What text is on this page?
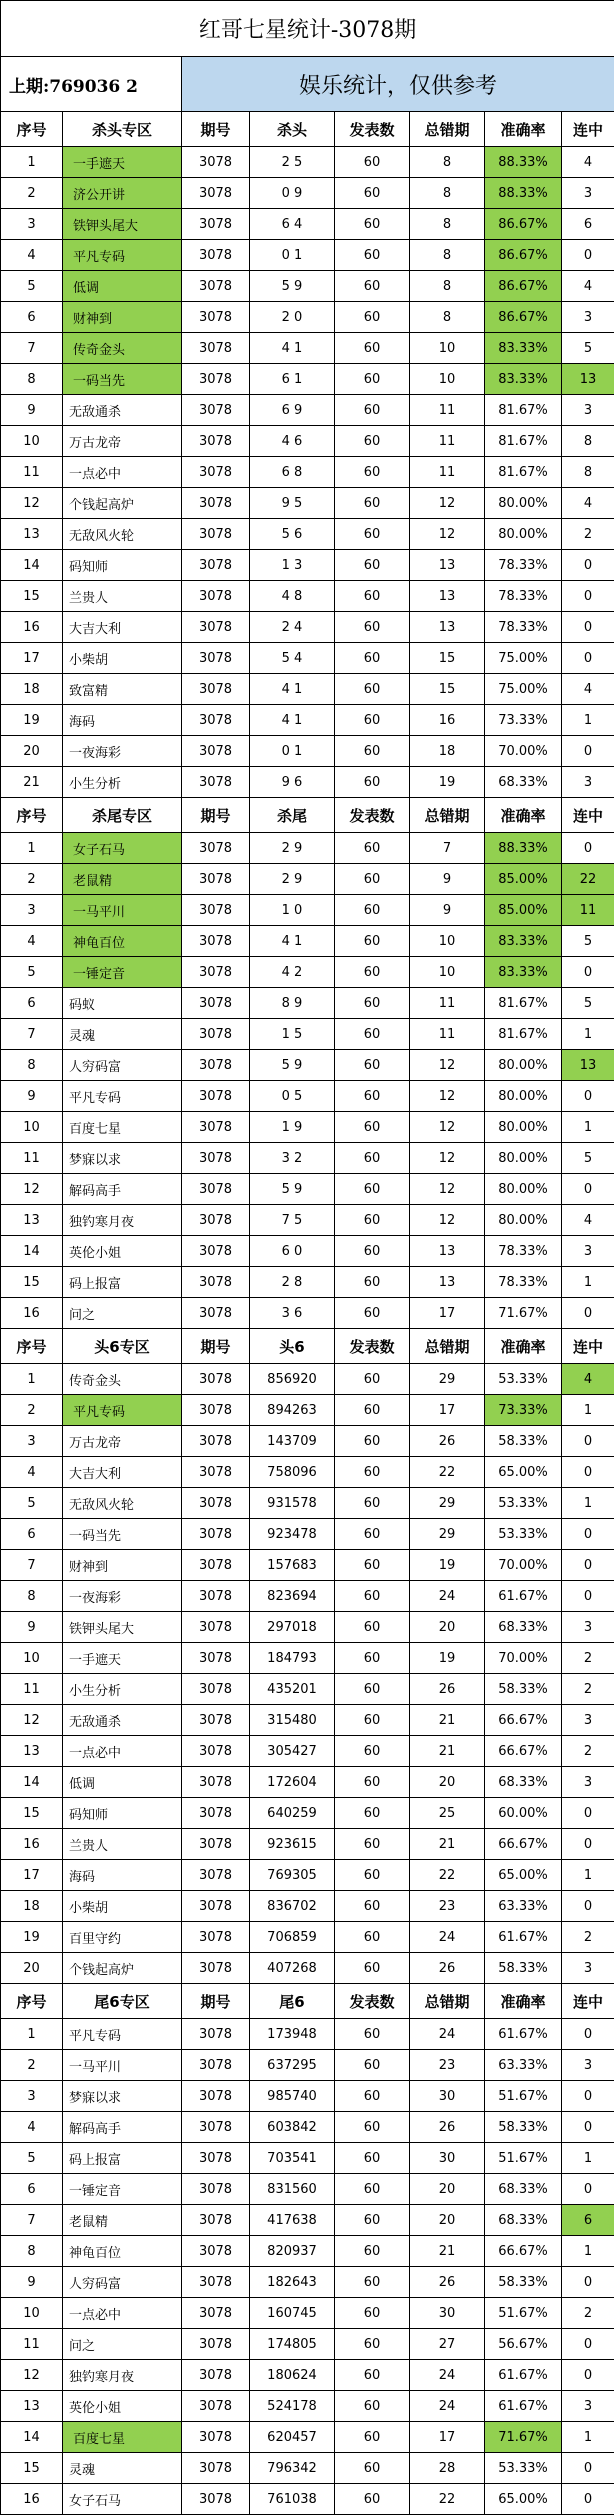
红哥七星统计-3078期							
上期:769036 2		娱乐统计，仅供参考					
序号	杀头专区	期号	杀头	发表数	总错期	准确率	连中
1	一手遮天	3078	2 5	60	8	88.33%	4
2	济公开讲	3078	0 9	60	8	88.33%	3
3	铁钾头尾大	3078	6 4	60	8	86.67%	6
4	平凡专码	3078	0 1	60	8	86.67%	0
5	低调	3078	5 9	60	8	86.67%	4
6	财神到	3078	2 0	60	8	86.67%	3
7	传奇金头	3078	4 1	60	10	83.33%	5
8	一码当先	3078	6 1	60	10	83.33%	13
9	无敌通杀	3078	6 9	60	11	81.67%	3
10	万古龙帝	3078	4 6	60	11	81.67%	8
11	一点必中	3078	6 8	60	11	81.67%	8
12	个钱起高炉	3078	9 5	60	12	80.00%	4
13	无敌风火轮	3078	5 6	60	12	80.00%	2
14	码知师	3078	1 3	60	13	78.33%	0
15	兰贵人	3078	4 8	60	13	78.33%	0
16	大吉大利	3078	2 4	60	13	78.33%	0
17	小柴胡	3078	5 4	60	15	75.00%	0
18	致富精	3078	4 1	60	15	75.00%	4
19	海码	3078	4 1	60	16	73.33%	1
20	一夜海彩	3078	0 1	60	18	70.00%	0
21	小生分析	3078	9 6	60	19	68.33%	3
序号	杀尾专区	期号	杀尾	发表数	总错期	准确率	连中
1	女子石马	3078	2 9	60	7	88.33%	0
2	老鼠精	3078	2 9	60	9	85.00%	22
3	一马平川	3078	1 0	60	9	85.00%	11
4	神龟百位	3078	4 1	60	10	83.33%	5
5	一锤定音	3078	4 2	60	10	83.33%	0
6	码蚁	3078	8 9	60	11	81.67%	5
7	灵魂	3078	1 5	60	11	81.67%	1
8	人穷码富	3078	5 9	60	12	80.00%	13
9	平凡专码	3078	0 5	60	12	80.00%	0
10	百度七星	3078	1 9	60	12	80.00%	1
11	梦寐以求	3078	3 2	60	12	80.00%	5
12	解码高手	3078	5 9	60	12	80.00%	0
13	独钓寒月夜	3078	7 5	60	12	80.00%	4
14	英伦小姐	3078	6 0	60	13	78.33%	3
15	码上报富	3078	2 8	60	13	78.33%	1
16	问之	3078	3 6	60	17	71.67%	0
序号	头6专区	期号	头6	发表数	总错期	准确率	连中
1	传奇金头	3078	856920	60	29	53.33%	4
2	平凡专码	3078	894263	60	17	73.33%	1
3	万古龙帝	3078	143709	60	26	58.33%	0
4	大吉大利	3078	758096	60	22	65.00%	0
5	无敌风火轮	3078	931578	60	29	53.33%	1
6	一码当先	3078	923478	60	29	53.33%	0
7	财神到	3078	157683	60	19	70.00%	0
8	一夜海彩	3078	823694	60	24	61.67%	0
9	铁钾头尾大	3078	297018	60	20	68.33%	3
10	一手遮天	3078	184793	60	19	70.00%	2
11	小生分析	3078	435201	60	26	58.33%	2
12	无敌通杀	3078	315480	60	21	66.67%	3
13	一点必中	3078	305427	60	21	66.67%	2
14	低调	3078	172604	60	20	68.33%	3
15	码知师	3078	640259	60	25	60.00%	0
16	兰贵人	3078	923615	60	21	66.67%	0
17	海码	3078	769305	60	22	65.00%	1
18	小柴胡	3078	836702	60	23	63.33%	0
19	百里守约	3078	706859	60	24	61.67%	2
20	个钱起高炉	3078	407268	60	26	58.33%	3
序号	尾6专区	期号	尾6	发表数	总错期	准确率	连中
1	平凡专码	3078	173948	60	24	61.67%	0
2	一马平川	3078	637295	60	23	63.33%	3
3	梦寐以求	3078	985740	60	30	51.67%	0
4	解码高手	3078	603842	60	26	58.33%	0
5	码上报富	3078	703541	60	30	51.67%	1
6	一锤定音	3078	831560	60	20	68.33%	0
7	老鼠精	3078	417638	60	20	68.33%	6
8	神龟百位	3078	820937	60	21	66.67%	1
9	人穷码富	3078	182643	60	26	58.33%	0
10	一点必中	3078	160745	60	30	51.67%	2
11	问之	3078	174805	60	27	56.67%	0
12	独钓寒月夜	3078	180624	60	24	61.67%	0
13	英伦小姐	3078	524178	60	24	61.67%	3
14	百度七星	3078	620457	60	17	71.67%	1
15	灵魂	3078	796342	60	28	53.33%	0
16	女子石马	3078	761038	60	22	65.00%	0
